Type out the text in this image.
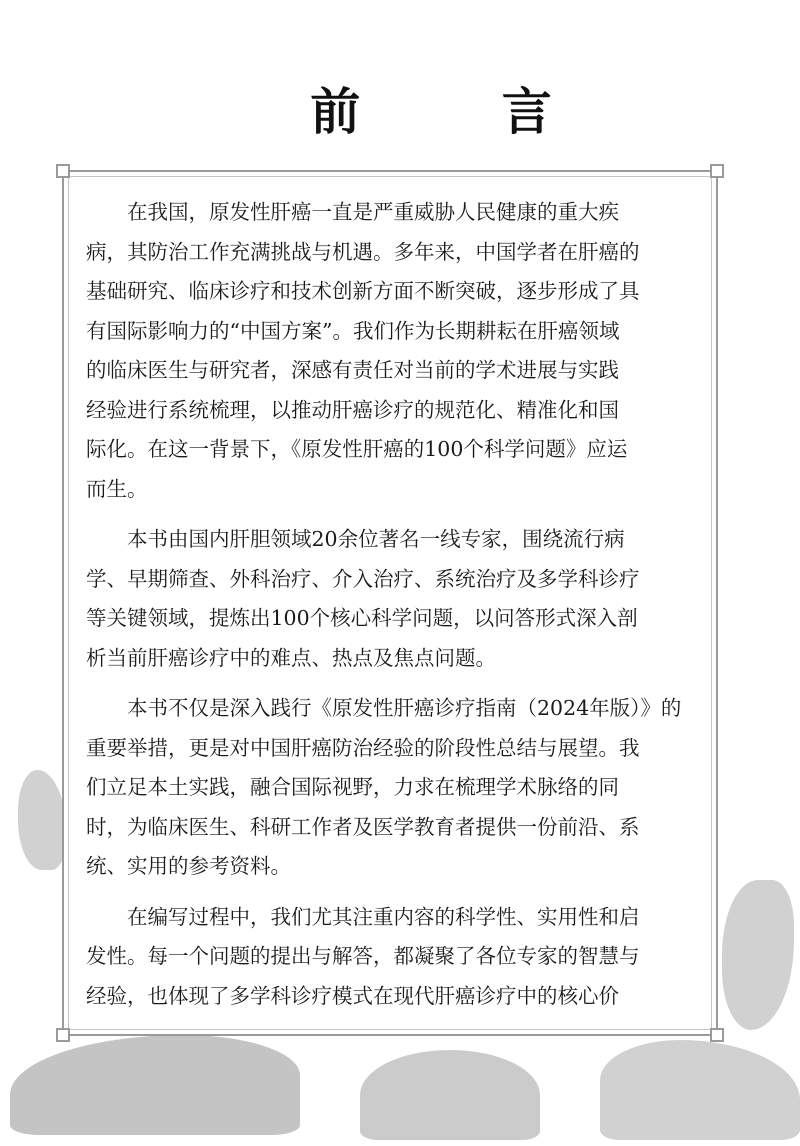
前 言

　　在我国，原发性肝癌一直是严重威胁人民健康的重大疾
病，其防治工作充满挑战与机遇。多年来，中国学者在肝癌的
基础研究、临床诊疗和技术创新方面不断突破，逐步形成了具
有国际影响力的“中国方案”。我们作为长期耕耘在肝癌领域
的临床医生与研究者，深感有责任对当前的学术进展与实践
经验进行系统梳理，以推动肝癌诊疗的规范化、精准化和国
际化。在这一背景下，《原发性肝癌的100个科学问题》应运
而生。

　　本书由国内肝胆领域20余位著名一线专家，围绕流行病
学、早期筛查、外科治疗、介入治疗、系统治疗及多学科诊疗
等关键领域，提炼出100个核心科学问题，以问答形式深入剖
析当前肝癌诊疗中的难点、热点及焦点问题。

　　本书不仅是深入践行《原发性肝癌诊疗指南（2024年版）》的
重要举措，更是对中国肝癌防治经验的阶段性总结与展望。我
们立足本土实践，融合国际视野，力求在梳理学术脉络的同
时，为临床医生、科研工作者及医学教育者提供一份前沿、系
统、实用的参考资料。

　　在编写过程中，我们尤其注重内容的科学性、实用性和启
发性。每一个问题的提出与解答，都凝聚了各位专家的智慧与
经验，也体现了多学科诊疗模式在现代肝癌诊疗中的核心价
